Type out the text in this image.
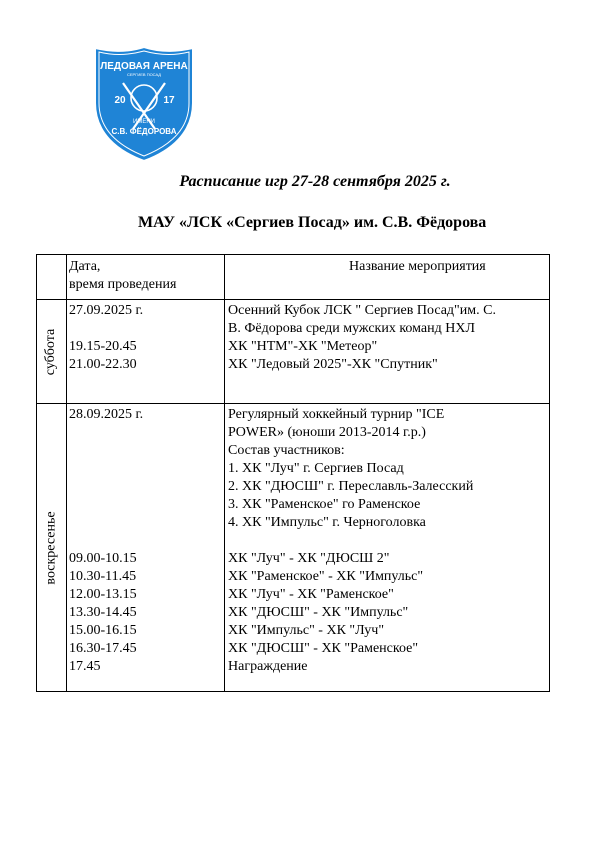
ЛЕДОВАЯ АРЕНА
СЕРГИЕВ ПОСАД
20	17
ИМЕНИ
С.В. ФЁДОРОВА
Расписание игр 27-28 сентября 2025 г.
МАУ «ЛСК «Сергиев Посад» им. С.В. Фёдорова
Дата,
время проведения
Название мероприятия
суббота
27.09.2025 г.
19.15-20.45
21.00-22.30
Осенний Кубок ЛСК " Сергиев Посад"им. С.
В. Фёдорова среди мужских команд НХЛ
ХК "НТМ"-ХК "Метеор"
ХК "Ледовый 2025"-ХК "Спутник"
воскресенье
28.09.2025 г.
09.00-10.15
10.30-11.45
12.00-13.15
13.30-14.45
15.00-16.15
16.30-17.45
17.45
Регулярный хоккейный турнир "ICE
POWER» (юноши 2013-2014 г.р.)
Состав участников:
1. ХК "Луч" г. Сергиев Посад
2. ХК "ДЮСШ" г. Переславль-Залесский
3. ХК "Раменское" го Раменское
4. ХК "Импульс" г. Черноголовка
ХК "Луч" - ХК "ДЮСШ 2"
ХК "Раменское" - ХК "Импульс"
ХК "Луч" - ХК "Раменское"
ХК "ДЮСШ" - ХК "Импульс"
ХК "Импульс" - ХК "Луч"
ХК "ДЮСШ" - ХК "Раменское"
Награждение
